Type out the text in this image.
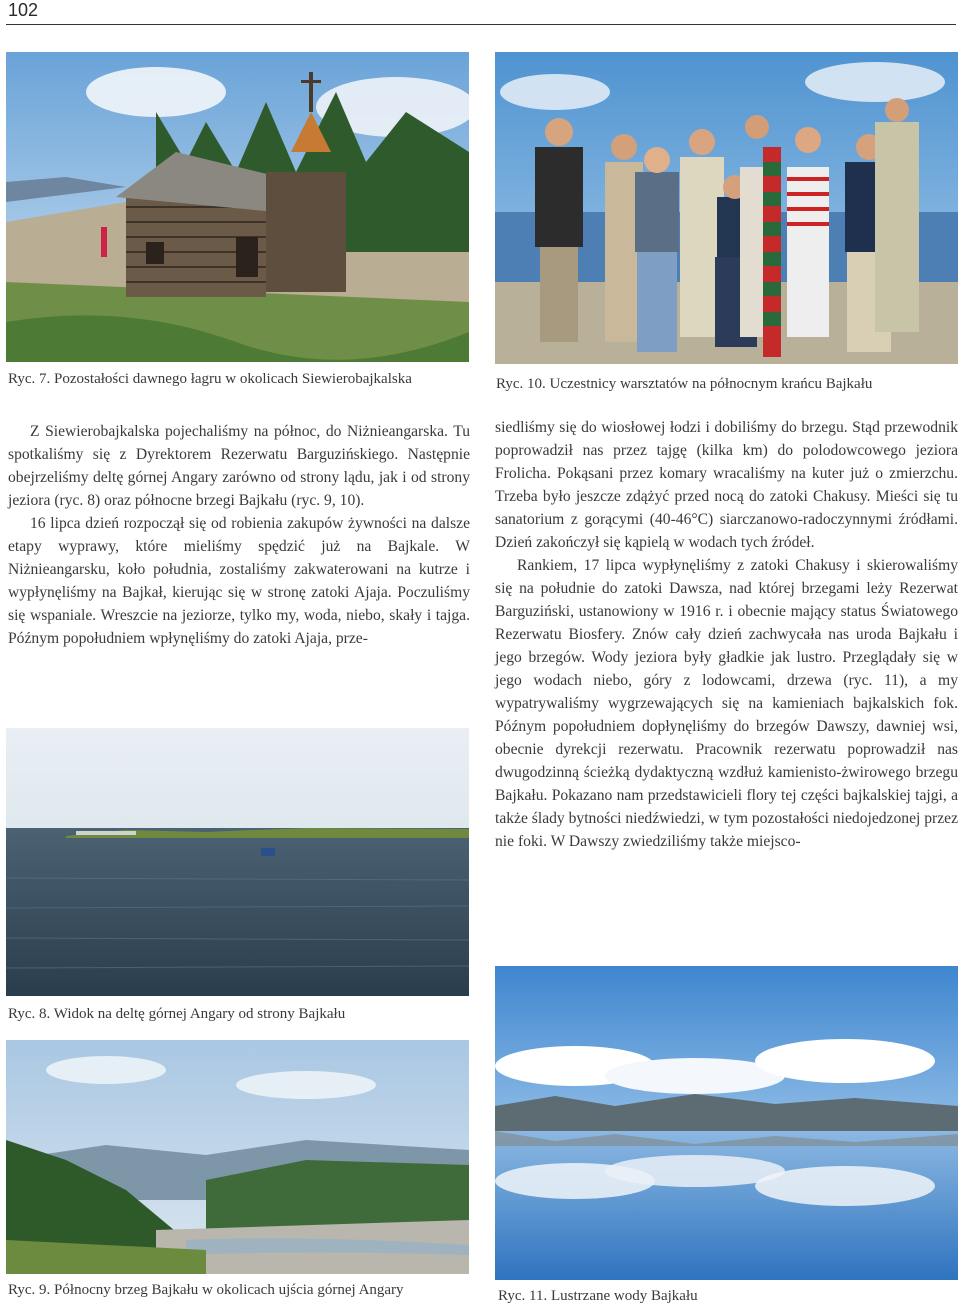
102
Ryc. 7. Pozostałości dawnego łagru w okolicach Siewierobajkalska	Ryc. 10. Uczestnicy warsztatów na północnym krańcu Bajkału

Z Siewierobajkalska pojechaliśmy na północ, do Niżnieangarska. Tu spotkaliśmy się z Dyrektorem Rezerwatu Barguzińskiego. Następnie obejrzeliśmy deltę górnej Angary zarówno od strony lądu, jak i od strony jeziora (ryc. 8) oraz północne brzegi Bajkału (ryc. 9, 10).

16 lipca dzień rozpoczął się od robienia zakupów żywności na dalsze etapy wyprawy, które mieliśmy spędzić już na Bajkale. W Niżnieangarsku, koło południa, zostaliśmy zakwaterowani na kutrze i wypłynęliśmy na Bajkał, kierując się w stronę zatoki Ajaja. Poczuliśmy się wspaniale. Wreszcie na jeziorze, tylko my, woda, niebo, skały i tajga. Późnym popołudniem wpłynęliśmy do zatoki Ajaja, prze-

siedliśmy się do wiosłowej łodzi i dobiliśmy do brzegu. Stąd przewodnik poprowadził nas przez tajgę (kilka km) do polodowcowego jeziora Frolicha. Pokąsani przez komary wracaliśmy na kuter już o zmierzchu. Trzeba było jeszcze zdążyć przed nocą do zatoki Chakusy. Mieści się tu sanatorium z gorącymi (40-46°C) siarczanowo-radoczynnymi źródłami. Dzień zakończył się kąpielą w wodach tych źródeł.

Rankiem, 17 lipca wypłynęliśmy z zatoki Chakusy i skierowaliśmy się na południe do zatoki Dawsza, nad której brzegami leży Rezerwat Barguziński, ustanowiony w 1916 r. i obecnie mający status Światowego Rezerwatu Biosfery. Znów cały dzień zachwycała nas uroda Bajkału i jego brzegów. Wody jeziora były gładkie jak lustro. Przeglądały się w jego wodach niebo, góry z lodowcami, drzewa (ryc. 11), a my wypatrywaliśmy wygrzewających się na kamieniach bajkalskich fok. Późnym popołudniem dopłynęliśmy do brzegów Dawszy, dawniej wsi, obecnie dyrekcji rezerwatu. Pracownik rezerwatu poprowadził nas dwugodzinną ścieżką dydaktyczną wzdłuż kamienisto-żwirowego brzegu Bajkału. Pokazano nam przedstawicieli flory tej części bajkalskiej tajgi, a także ślady bytności niedźwiedzi, w tym pozostałości niedojedzonej przez nie foki. W Dawszy zwiedziliśmy także miejsco-

Ryc. 8. Widok na deltę górnej Angary od strony Bajkału
Ryc. 9. Północny brzeg Bajkału w okolicach ujścia górnej Angary	Ryc. 11. Lustrzane wody Bajkału
